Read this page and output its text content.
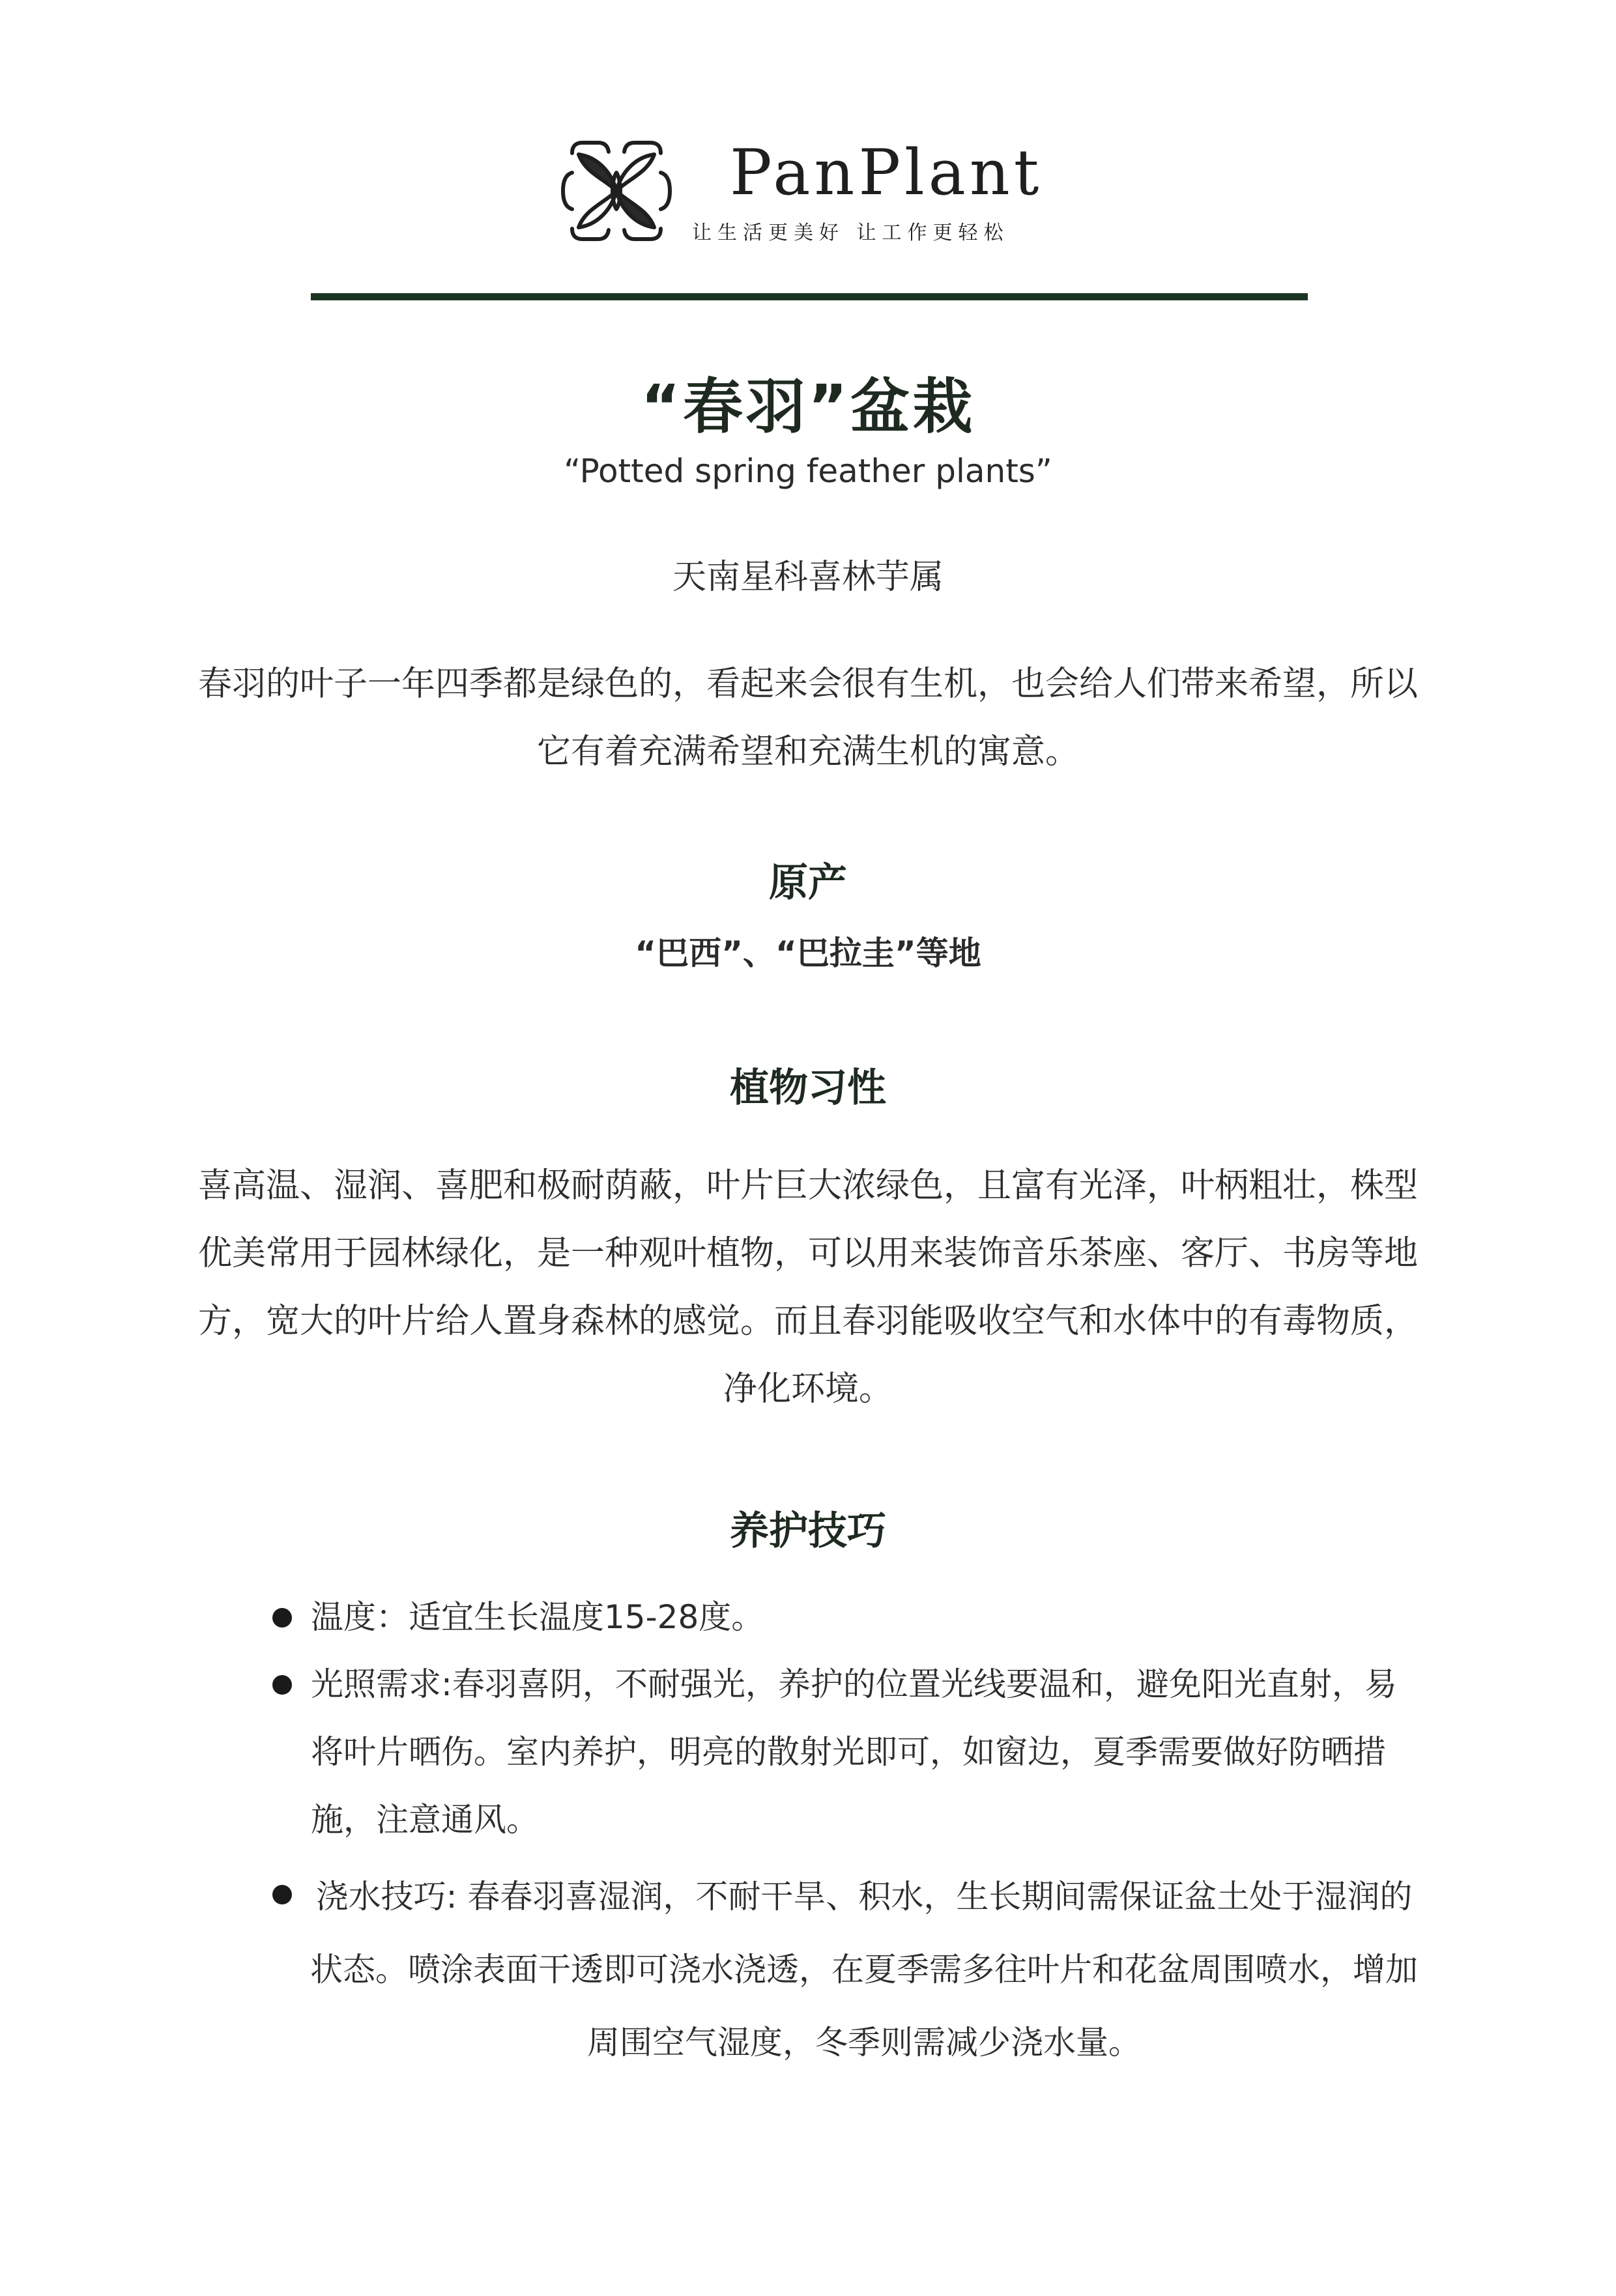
PanPlant
让生活更美好 让工作更轻松
“春羽”盆栽
“Potted spring feather plants”
天南星科喜林芋属
春羽的叶子一年四季都是绿色的，看起来会很有生机，也会给人们带来希望，所以它有着充满希望和充满生机的寓意。
原产
“巴西”、“巴拉圭”等地
植物习性
喜高温、湿润、喜肥和极耐荫蔽，叶片巨大浓绿色，且富有光泽，叶柄粗壮，株型优美常用于园林绿化，是一种观叶植物，可以用来装饰音乐茶座、客厅、书房等地方，宽大的叶片给人置身森林的感觉。而且春羽能吸收空气和水体中的有毒物质，净化环境。
养护技巧
温度：适宜生长温度15-28度。
光照需求:春羽喜阴，不耐强光，养护的位置光线要温和，避免阳光直射，易将叶片晒伤。室内养护，明亮的散射光即可，如窗边，夏季需要做好防晒措施，注意通风。
浇水技巧: 春春羽喜湿润，不耐干旱、积水，生长期间需保证盆土处于湿润的状态。喷涂表面干透即可浇水浇透，在夏季需多往叶片和花盆周围喷水，增加周围空气湿度，冬季则需减少浇水量。
